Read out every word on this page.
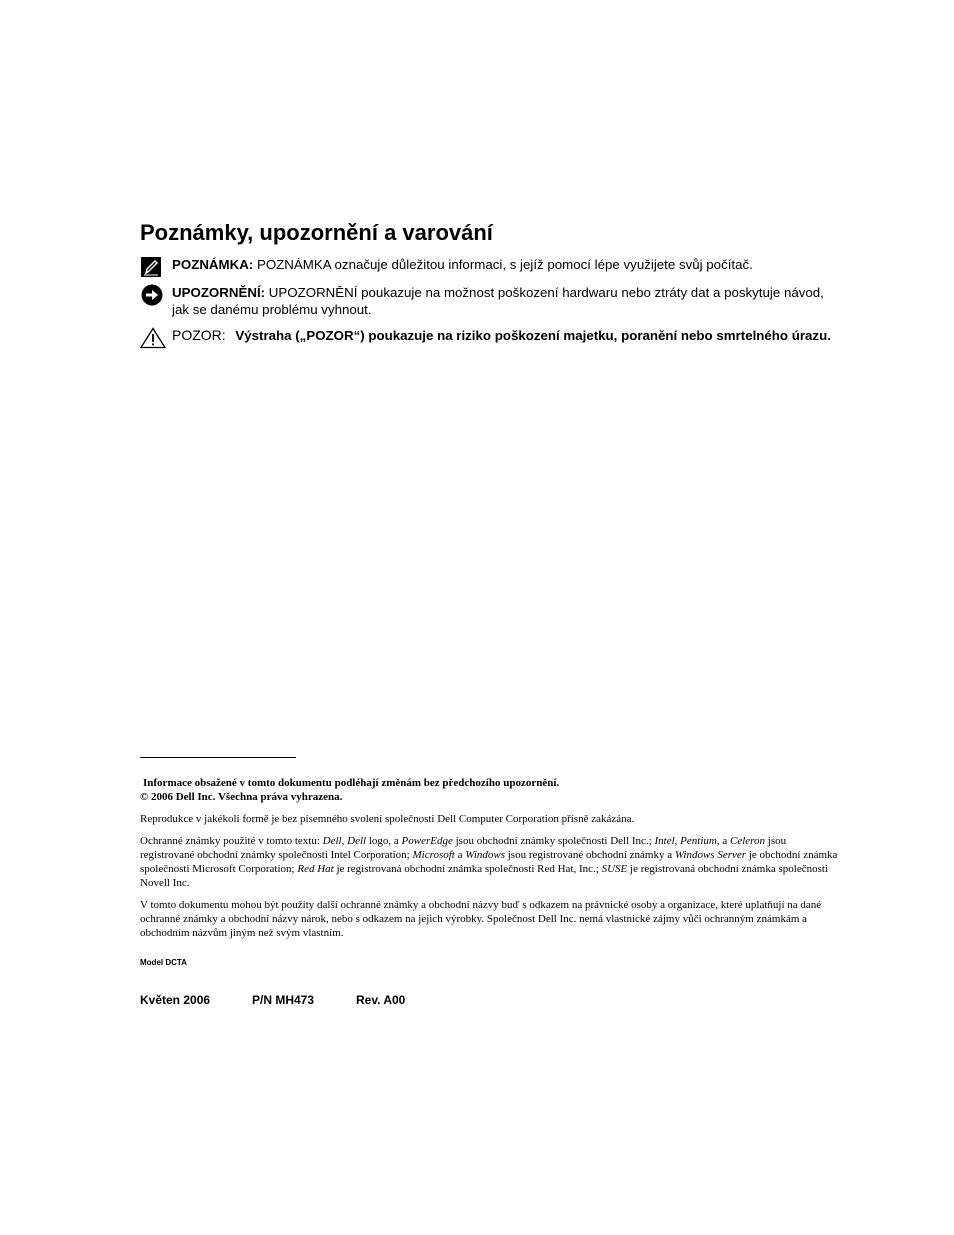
Poznámky, upozornění a varování
POZNÁMKA: POZNÁMKA označuje důležitou informaci, s jejíž pomocí lépe využijete svůj počítač.
UPOZORNĚNÍ: UPOZORNĚNÍ poukazuje na možnost poškození hardwaru nebo ztráty dat a poskytuje návod, jak se danému problému vyhnout.
POZOR: Výstraha („POZOR“) poukazuje na riziko poškození majetku, poranění nebo smrtelného úrazu.
Informace obsažené v tomto dokumentu podléhají změnám bez předchozího upozornění.
© 2006 Dell Inc. Všechna práva vyhrazena.
Reprodukce v jakékoli formě je bez písemného svolení společnosti Dell Computer Corporation přísně zakázána.
Ochranné známky použité v tomto textu: Dell, Dell logo, a PowerEdge jsou obchodní známky společnosti Dell Inc.; Intel, Pentium, a Celeron jsou registrované obchodní známky společnosti Intel Corporation; Microsoft a Windows jsou registrované obchodní známky a Windows Server je obchodní známka společnosti Microsoft Corporation; Red Hat je registrovaná obchodní známka společnosti Red Hat, Inc.; SUSE je registrovaná obchodní známka společnosti Novell Inc.
V tomto dokumentu mohou být použity další ochranné známky a obchodní názvy buď s odkazem na právnické osoby a organizace, které uplatňují na dané ochranné známky a obchodní názvy nárok, nebo s odkazem na jejich výrobky. Společnost Dell Inc. nemá vlastnické zájmy vůči ochranným známkám a obchodním názvům jiným než svým vlastním.
Model DCTA
Květen 2006	P/N MH473	Rev. A00
